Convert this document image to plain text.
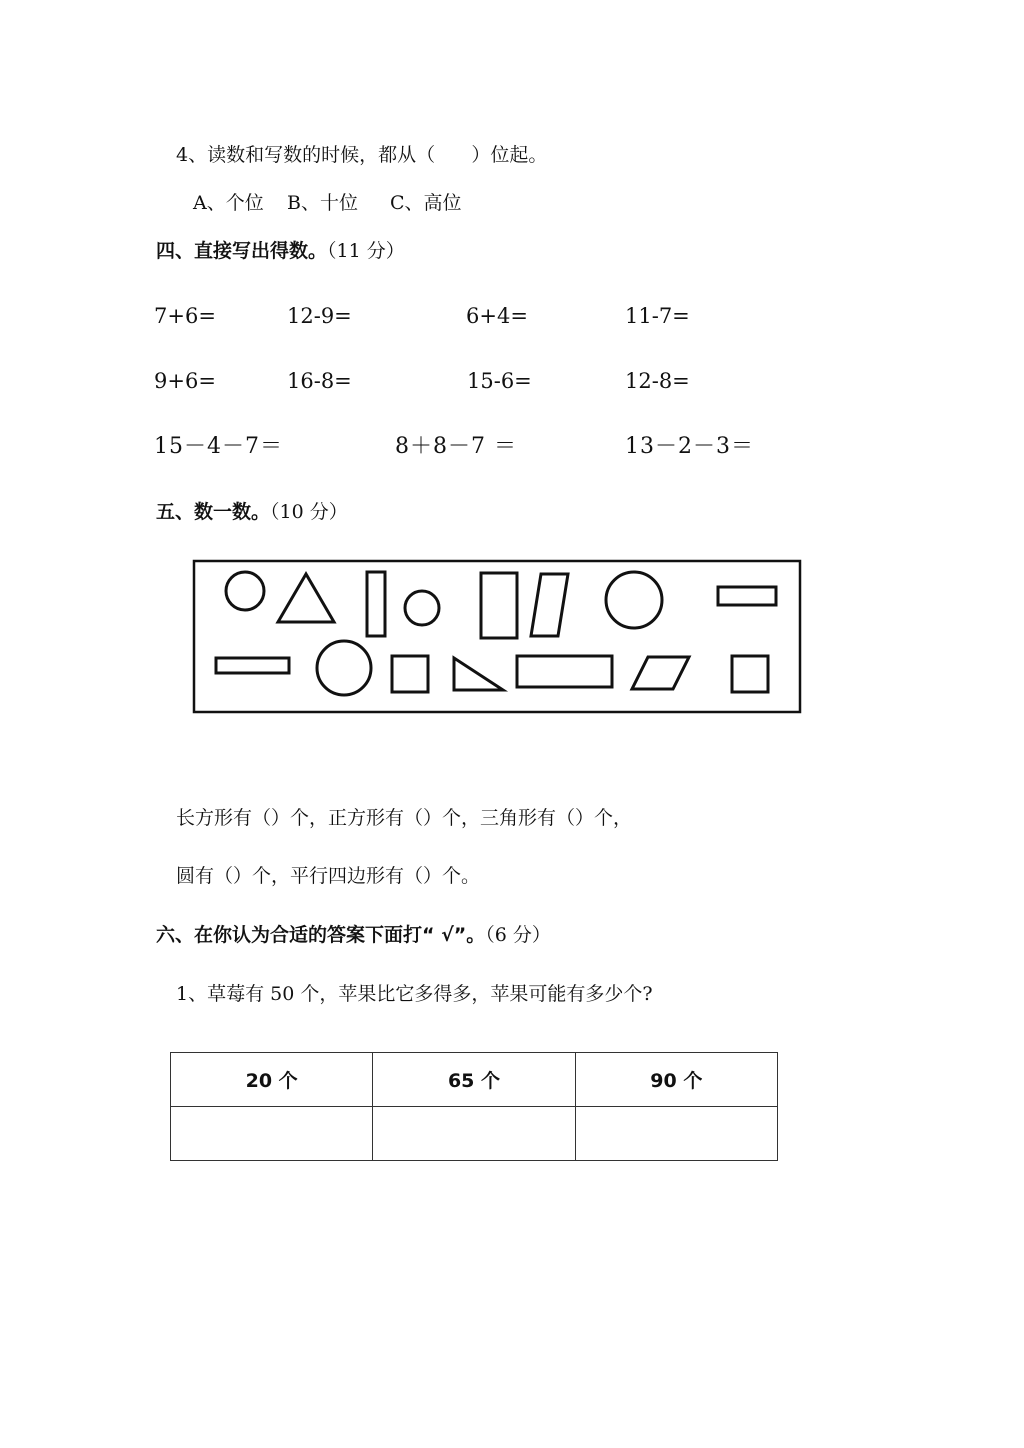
4、读数和写数的时候，都从（      ）位起。
A、个位 B、十位 C、高位
四、直接写出得数。（11 分）
7+6=	12-9=	6+4=	11-7=
9+6=	16-8=	15-6=	12-8=
15－4－7＝	8＋8－7 ＝	13－2－3＝
五、数一数。（10 分）
长方形有（）个，正方形有（）个，三角形有（）个，
圆有（）个，平行四边形有（）个。
六、在你认为合适的答案下面打“ √”。（6 分）
1、草莓有 50 个，苹果比它多得多，苹果可能有多少个?
20 个	65 个	90 个
